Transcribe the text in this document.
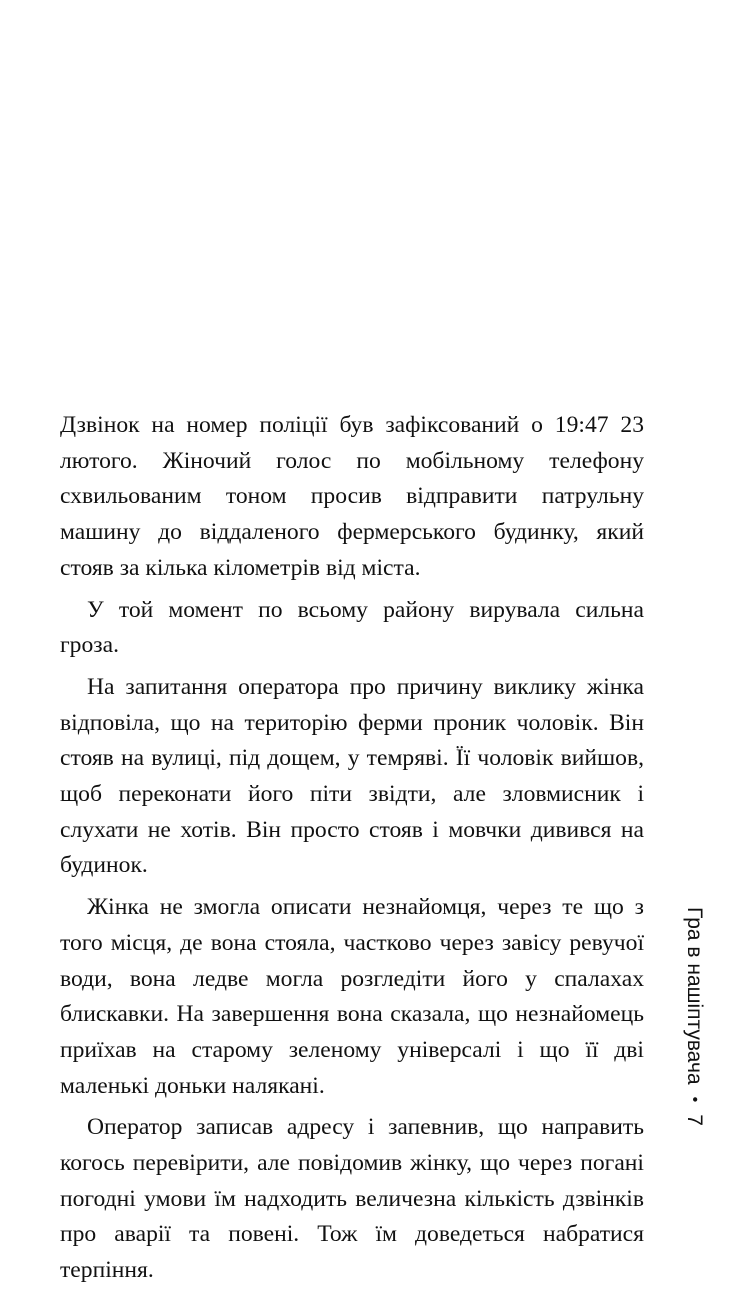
Дзвінок на номер поліції був зафіксований о 19:47 23 лютого. Жіночий голос по мобільному телефону схвильованим тоном просив відправити патрульну машину до віддаленого фермерського будинку, який стояв за кілька кілометрів від міста.

У той момент по всьому району вирувала сильна гроза.

На запитання оператора про причину виклику жінка відповіла, що на територію ферми проник чоловік. Він стояв на вулиці, під дощем, у темряві. Її чоловік вийшов, щоб переконати його піти звідти, але зловмисник і слухати не хотів. Він просто стояв і мовчки дивився на будинок.

Жінка не змогла описати незнайомця, через те що з того місця, де вона стояла, частково через завісу ревучої води, вона ледве могла розгледіти його у спалахах блискавки. На завершення вона сказала, що незнайомець приїхав на старому зеленому універсалі і що її дві маленькі доньки налякані.

Оператор записав адресу і запевнив, що направить когось перевірити, але повідомив жінку, що через погані погодні умови їм надходить величезна кількість дзвінків про аварії та повені. Тож їм доведеться набратися терпіння.

Гра в нашіптувача•7
